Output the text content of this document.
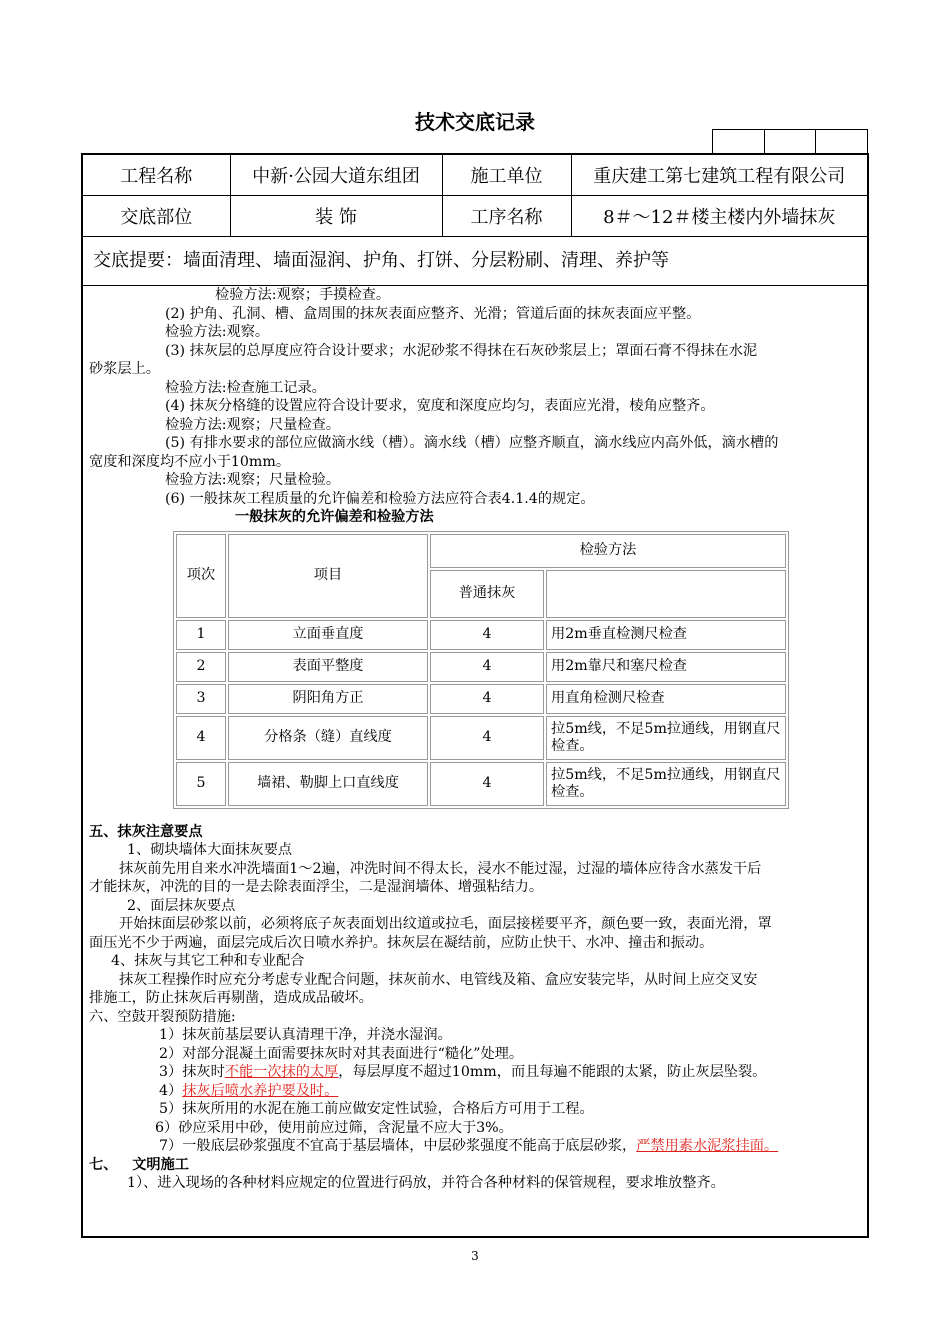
技术交底记录
工程名称	中新·公园大道东组团	施工单位	重庆建工第七建筑工程有限公司
交底部位	装 饰	工序名称	8＃～12＃楼主楼内外墙抹灰
交底提要：墙面清理、墙面湿润、护角、打饼、分层粉刷、清理、养护等

检验方法:观察；手摸检查。

(2) 护角、孔洞、槽、盒周围的抹灰表面应整齐、光滑；管道后面的抹灰表面应平整。

检验方法:观察。

(3) 抹灰层的总厚度应符合设计要求；水泥砂浆不得抹在石灰砂浆层上；罩面石膏不得抹在水泥

砂浆层上。

检验方法:检查施工记录。

(4) 抹灰分格缝的设置应符合设计要求，宽度和深度应均匀，表面应光滑，棱角应整齐。

检验方法:观察；尺量检查。

(5) 有排水要求的部位应做滴水线（槽）。滴水线（槽）应整齐顺直，滴水线应内高外低，滴水槽的

宽度和深度均不应小于10mm。

检验方法:观察；尺量检验。

(6) 一般抹灰工程质量的允许偏差和检验方法应符合表4.1.4的规定。

一般抹灰的允许偏差和检验方法

项次	项目	检验方法	
		普通抹灰	
1	立面垂直度	4	用2m垂直检测尺检查
2	表面平整度	4	用2m靠尺和塞尺检查
3	阴阳角方正	4	用直角检测尺检查
4	分格条（缝）直线度	4	拉5m线，不足5m拉通线，用钢直尺检查。
5	墙裙、勒脚上口直线度	4	拉5m线，不足5m拉通线，用钢直尺检查。

五、抹灰注意要点

1、砌块墙体大面抹灰要点

抹灰前先用自来水冲洗墙面1～2遍，冲洗时间不得太长，浸水不能过湿，过湿的墙体应待含水蒸发干后

才能抹灰，冲洗的目的一是去除表面浮尘，二是湿润墙体、增强粘结力。

2、面层抹灰要点

开始抹面层砂浆以前，必须将底子灰表面划出纹道或拉毛，面层接槎要平齐，颜色要一致，表面光滑，罩

面压光不少于两遍，面层完成后次日喷水养护。抹灰层在凝结前，应防止快干、水冲、撞击和振动。

4、抹灰与其它工种和专业配合

抹灰工程操作时应充分考虑专业配合问题，抹灰前水、电管线及箱、盒应安装完毕，从时间上应交叉安

排施工，防止抹灰后再剔凿，造成成品破坏。

六、空鼓开裂预防措施:

1）抹灰前基层要认真清理干净，并浇水湿润。

2）对部分混凝土面需要抹灰时对其表面进行“糙化”处理。

3）抹灰时不能一次抹的太厚，每层厚度不超过10mm，而且每遍不能跟的太紧，防止灰层坠裂。

4）抹灰后喷水养护要及时。

5）抹灰所用的水泥在施工前应做安定性试验，合格后方可用于工程。

6）砂应采用中砂，使用前应过筛，含泥量不应大于3%。

7）一般底层砂浆强度不宜高于基层墙体，中层砂浆强度不能高于底层砂浆，严禁用素水泥浆挂面。

七、   文明施工

1）、进入现场的各种材料应规定的位置进行码放，并符合各种材料的保管规程，要求堆放整齐。

3
